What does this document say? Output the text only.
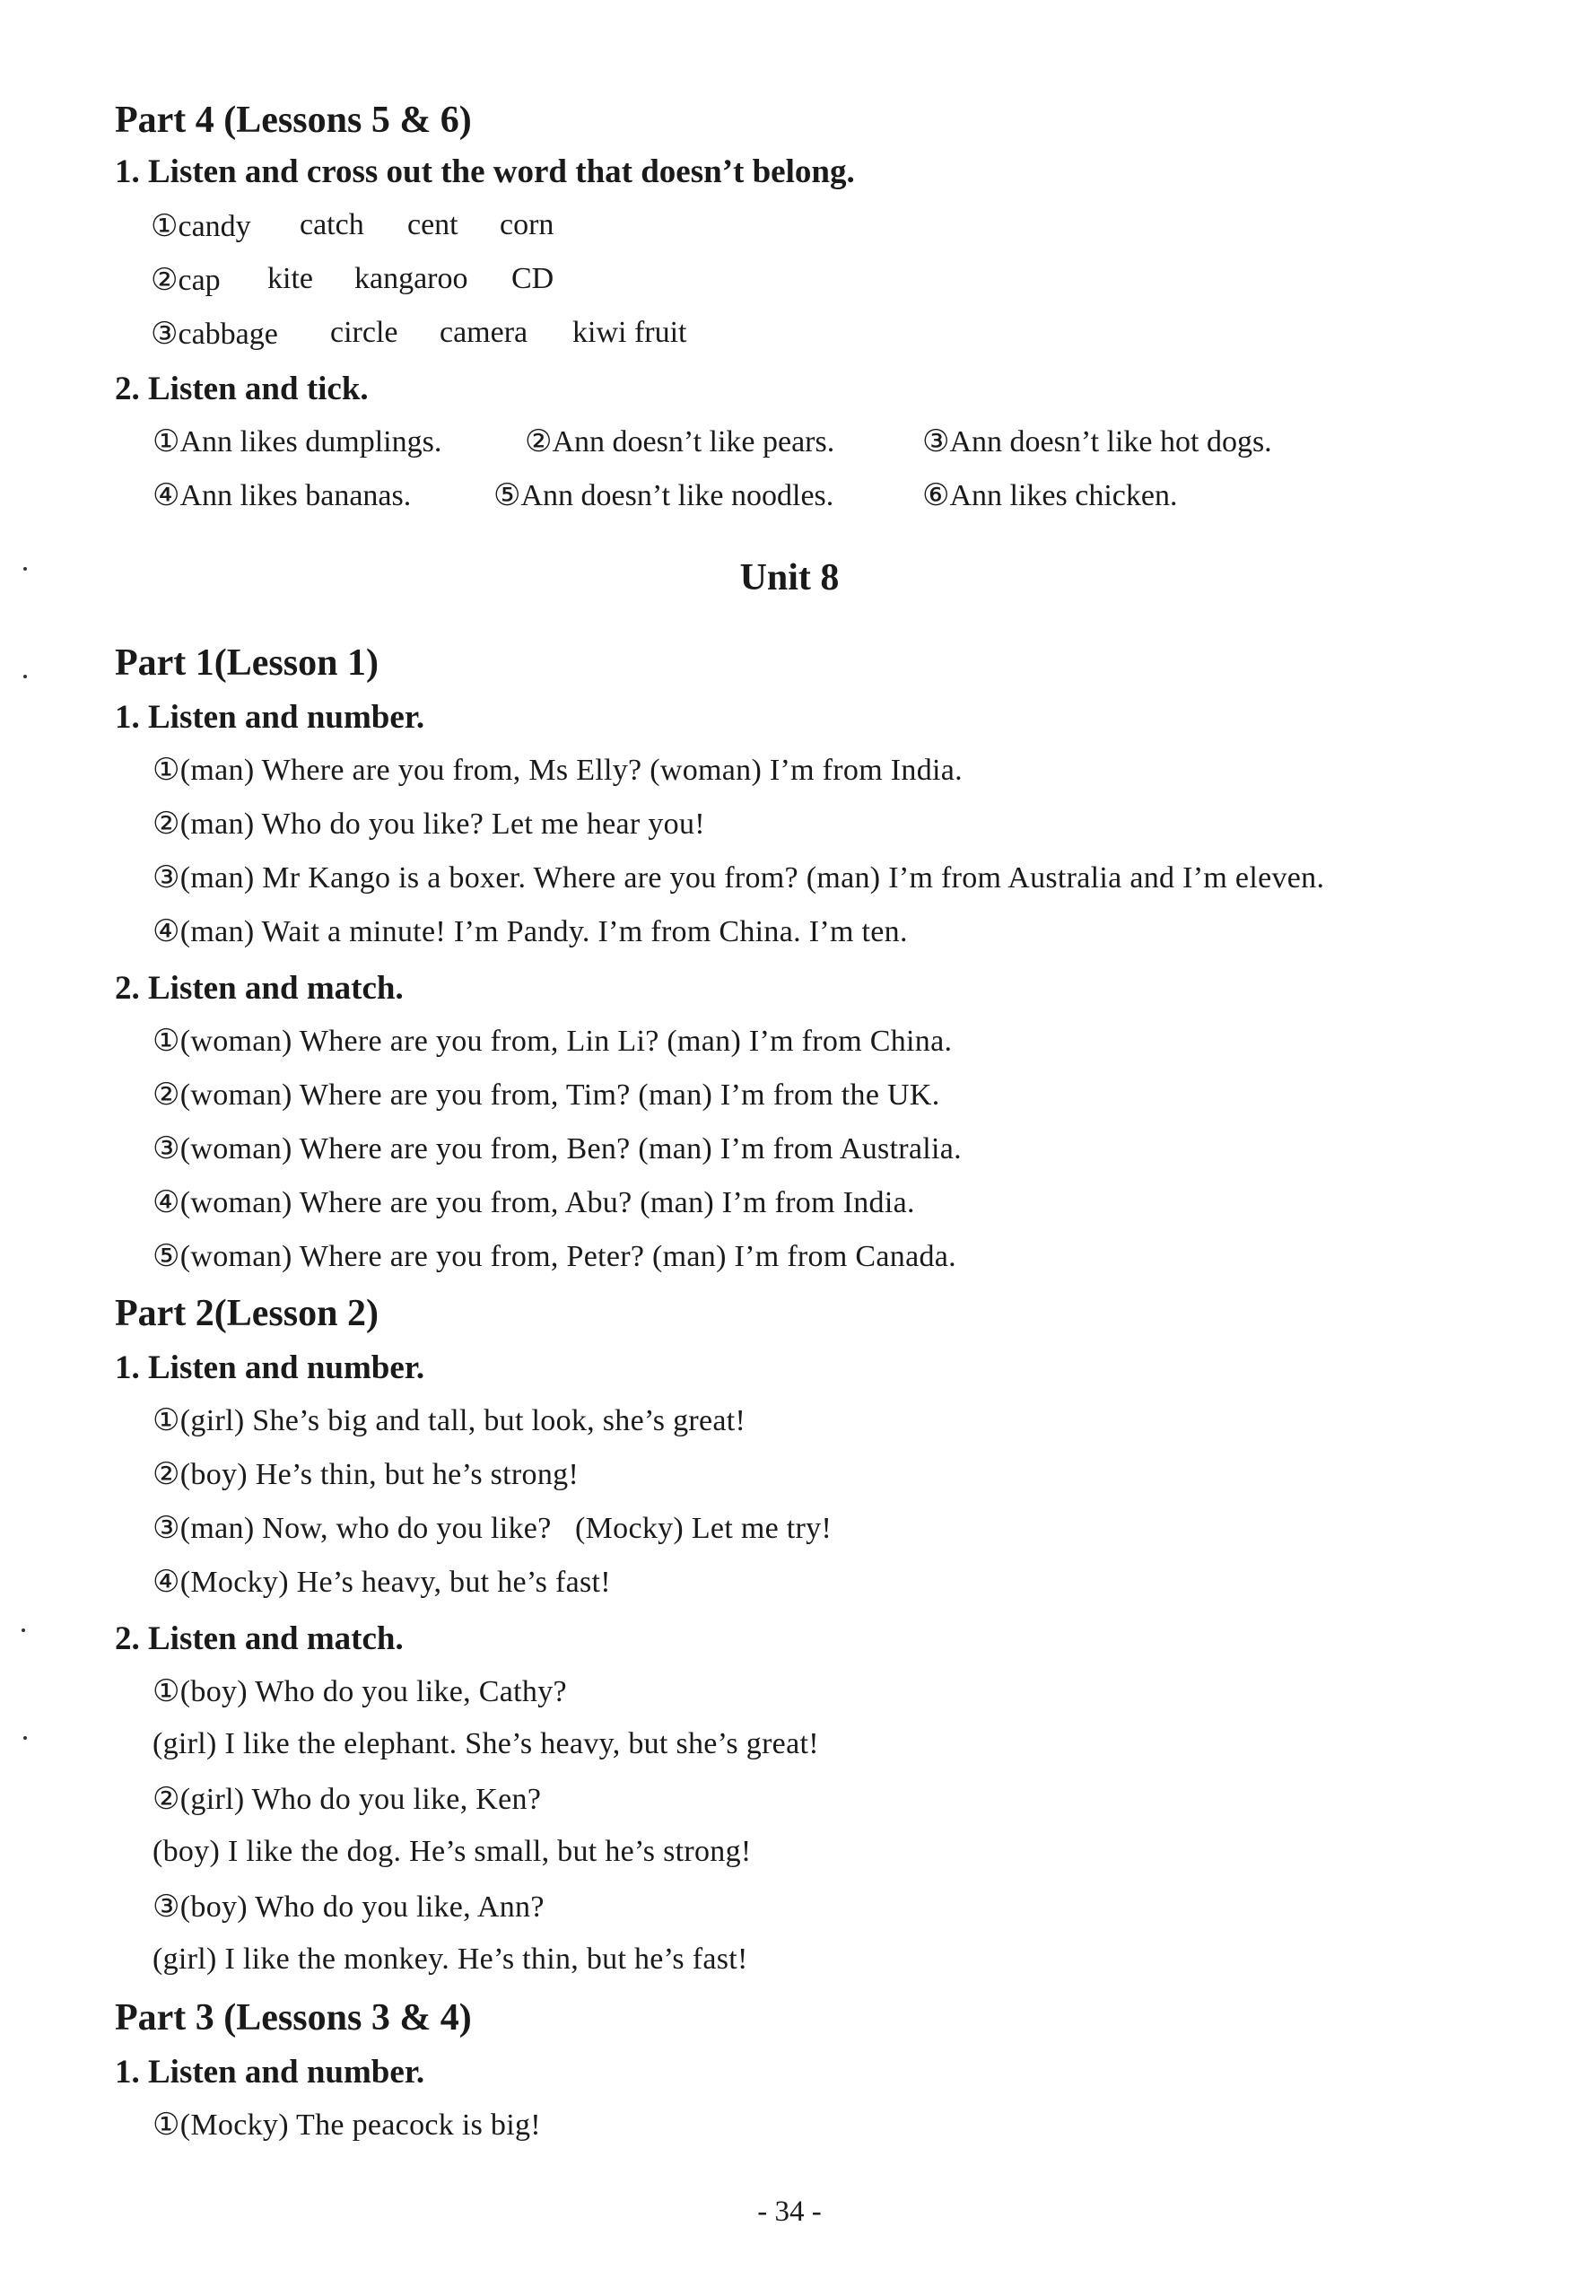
Part 4 (Lessons 5 & 6)
1. Listen and cross out the word that doesn’t belong.
①candy catch cent corn
②cap kite kangaroo CD
③cabbage circle camera kiwi fruit
2. Listen and tick.
①Ann likes dumplings.	②Ann doesn’t like pears.	③Ann doesn’t like hot dogs.
④Ann likes bananas.	⑤Ann doesn’t like noodles.	⑥Ann likes chicken.
Unit 8
Part 1(Lesson 1)
1. Listen and number.
①(man) Where are you from, Ms Elly? (woman) I’m from India.
②(man) Who do you like? Let me hear you!
③(man) Mr Kango is a boxer. Where are you from? (man) I’m from Australia and I’m eleven.
④(man) Wait a minute! I’m Pandy. I’m from China. I’m ten.
2. Listen and match.
①(woman) Where are you from, Lin Li? (man) I’m from China.
②(woman) Where are you from, Tim? (man) I’m from the UK.
③(woman) Where are you from, Ben? (man) I’m from Australia.
④(woman) Where are you from, Abu? (man) I’m from India.
⑤(woman) Where are you from, Peter? (man) I’m from Canada.
Part 2(Lesson 2)
1. Listen and number.
①(girl) She’s big and tall, but look, she’s great!
②(boy) He’s thin, but he’s strong!
③(man) Now, who do you like?   (Mocky) Let me try!
④(Mocky) He’s heavy, but he’s fast!
2. Listen and match.
①(boy) Who do you like, Cathy?
(girl) I like the elephant. She’s heavy, but she’s great!
②(girl) Who do you like, Ken?
(boy) I like the dog. He’s small, but he’s strong!
③(boy) Who do you like, Ann?
(girl) I like the monkey. He’s thin, but he’s fast!
Part 3 (Lessons 3 & 4)
1. Listen and number.
①(Mocky) The peacock is big!
- 34 -
